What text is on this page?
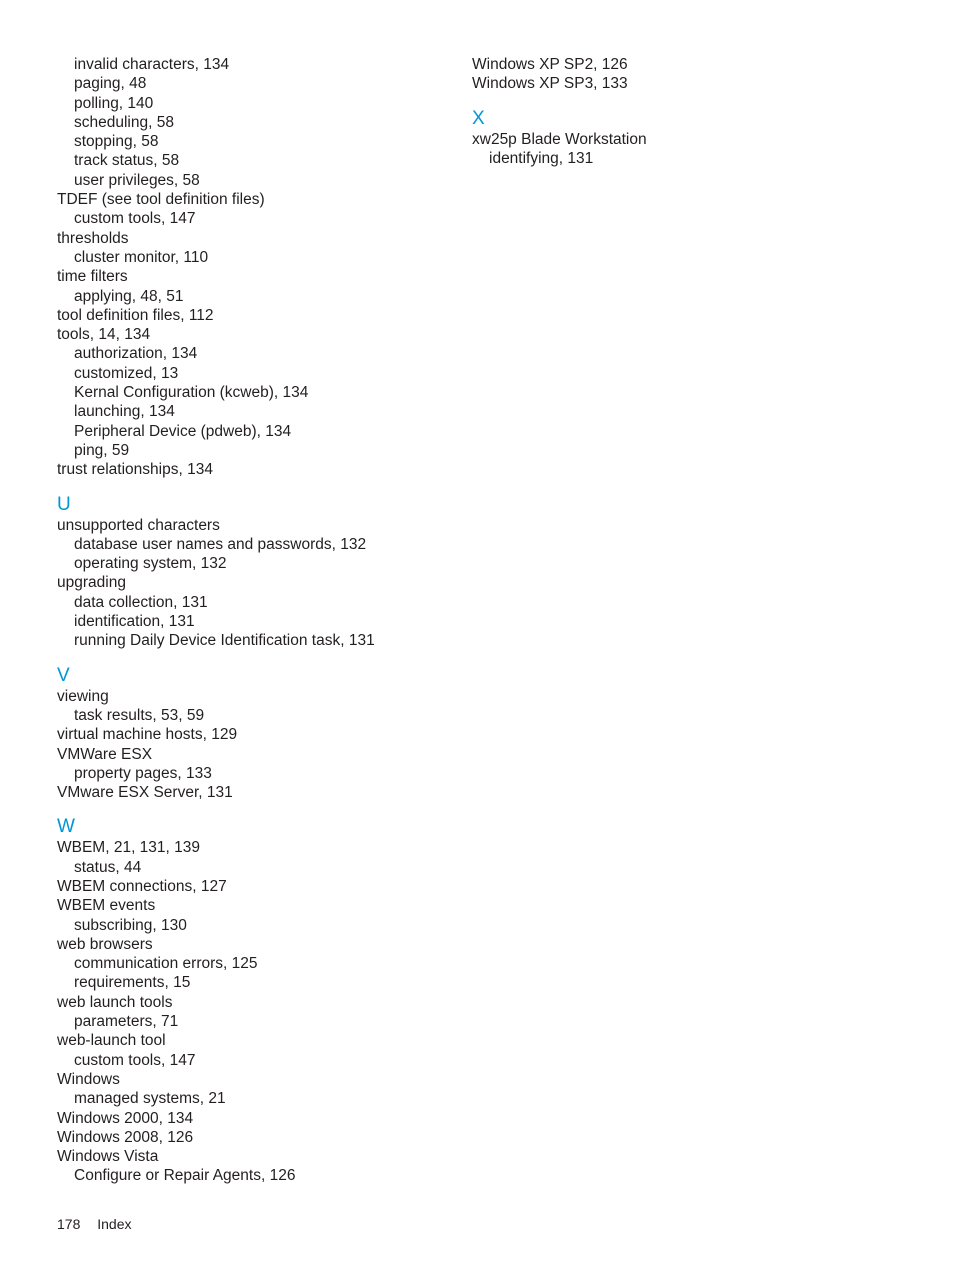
invalid characters, 134
paging, 48
polling, 140
scheduling, 58
stopping, 58
track status, 58
user privileges, 58
TDEF (see tool definition files)
custom tools, 147
thresholds
cluster monitor, 110
time filters
applying, 48, 51
tool definition files, 112
tools, 14, 134
authorization, 134
customized, 13
Kernal Configuration (kcweb), 134
launching, 134
Peripheral Device (pdweb), 134
ping, 59
trust relationships, 134
U
unsupported characters
database user names and passwords, 132
operating system, 132
upgrading
data collection, 131
identification, 131
running Daily Device Identification task, 131
V
viewing
task results, 53, 59
virtual machine hosts, 129
VMWare ESX
property pages, 133
VMware ESX Server, 131
W
WBEM, 21, 131, 139
status, 44
WBEM connections, 127
WBEM events
subscribing, 130
web browsers
communication errors, 125
requirements, 15
web launch tools
parameters, 71
web-launch tool
custom tools, 147
Windows
managed systems, 21
Windows 2000, 134
Windows 2008, 126
Windows Vista
Configure or Repair Agents, 126
Windows XP SP2, 126
Windows XP SP3, 133
X
xw25p Blade Workstation
identifying, 131
178 Index
